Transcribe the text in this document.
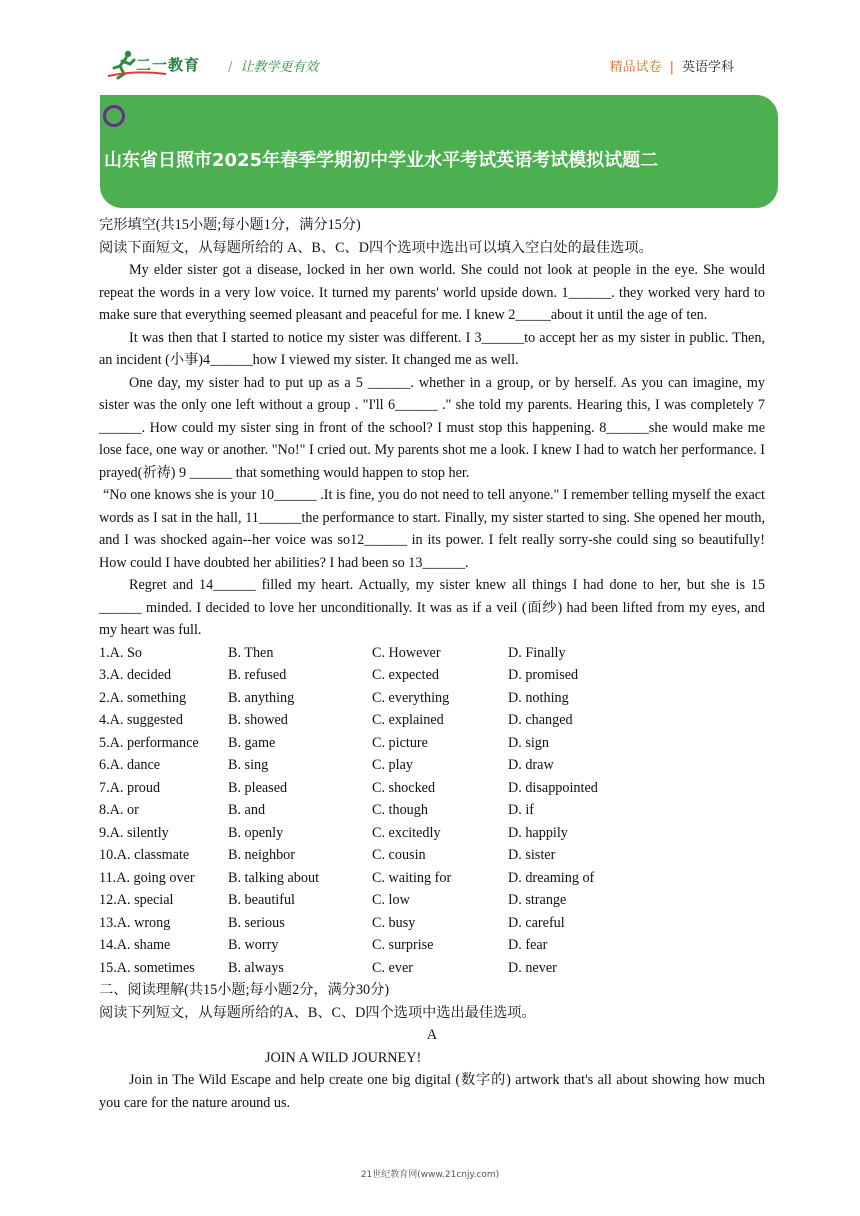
二一教育 / 让教学更有效	精品试卷 | 英语学科
山东省日照市2025年春季学期初中学业水平考试英语考试模拟试题二

完形填空(共15小题;每小题1分，满分15分)

阅读下面短文，从每题所给的 A、B、C、D四个选项中选出可以填入空白处的最佳选项。

My elder sister got a disease, locked in her own world. She could not look at people in the eye. She would repeat the words in a very low voice. It turned my parents' world upside down. 1______. they worked very hard to make sure that everything seemed pleasant and peaceful for me. I knew 2_____about it until the age of ten.

It was then that I started to notice my sister was different. I 3______to accept her as my sister in public. Then, an incident (小事)4______how I viewed my sister. It changed me as well.

One day, my sister had to put up as a 5 ______. whether in a group, or by herself. As you can imagine, my sister was the only one left without a group . "I'll 6______ ." she told my parents. Hearing this, I was completely 7 ______. How could my sister sing in front of the school? I must stop this happening. 8______she would make me lose face, one way or another. "No!" I cried out. My parents shot me a look. I knew I had to watch her performance. I prayed(祈祷) 9 ______ that something would happen to stop her.

“No one knows she is your 10______ .It is fine, you do not need to tell anyone." I remember telling myself the exact words as I sat in the hall, 11______the performance to start. Finally, my sister started to sing. She opened her mouth, and I was shocked again--her voice was so12______ in its power. I felt really sorry-she could sing so beautifully! How could I have doubted her abilities? I had been so 13______.

Regret and 14______ filled my heart. Actually, my sister knew all things I had done to her, but she is 15 ______ minded. I decided to love her unconditionally. It was as if a veil (面纱) had been lifted from my eyes, and my heart was full.

1.A. So	B. Then	C. However	D. Finally
3.A. decided	B. refused	C. expected	D. promised
2.A. something	B. anything	C. everything	D. nothing
4.A. suggested	B. showed	C. explained	D. changed
5.A. performance	B. game	C. picture	D. sign
6.A. dance	B. sing	C. play	D. draw
7.A. proud	B. pleased	C. shocked	D. disappointed
8.A. or	B. and	C. though	D. if
9.A. silently	B. openly	C. excitedly	D. happily
10.A. classmate	B. neighbor	C. cousin	D. sister
11.A. going over	B. talking about	C. waiting for	D. dreaming of
12.A. special	B. beautiful	C. low	D. strange
13.A. wrong	B. serious	C. busy	D. careful
14.A. shame	B. worry	C. surprise	D. fear
15.A. sometimes	B. always	C. ever	D. never

二、阅读理解(共15小题;每小题2分，满分30分)

阅读下列短文，从每题所给的A、B、C、D四个选项中选出最佳选项。

A

JOIN A WILD JOURNEY!

Join in The Wild Escape and help create one big digital (数字的) artwork that's all about showing how much you care for the nature around us.

21世纪教育网(www.21cnjy.com)
